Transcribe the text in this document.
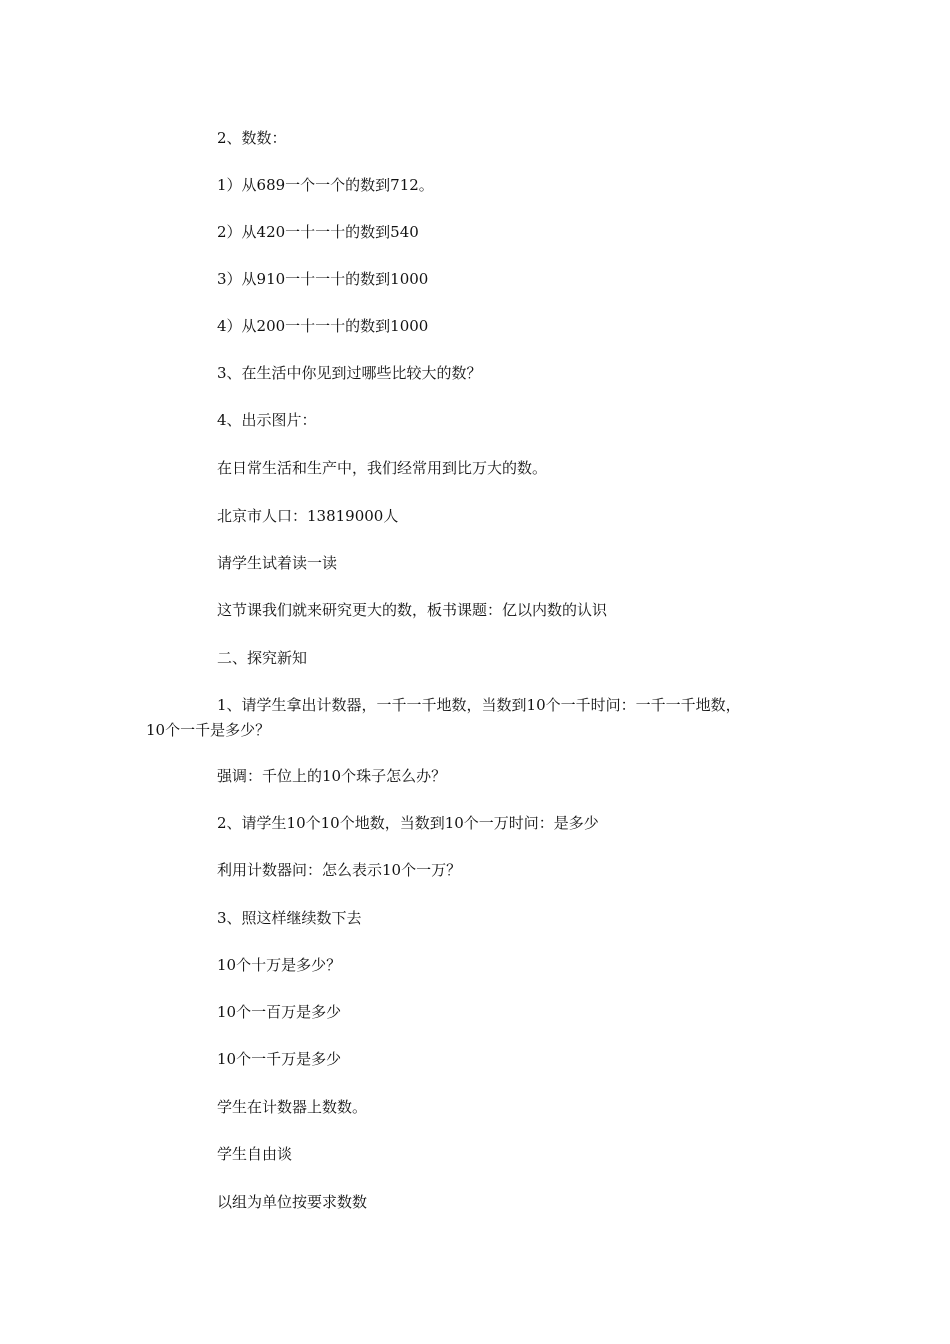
2、数数：
1）从689一个一个的数到712。
2）从420一十一十的数到540
3）从910一十一十的数到1000
4）从200一十一十的数到1000
3、在生活中你见到过哪些比较大的数？
4、出示图片：
在日常生活和生产中，我们经常用到比万大的数。
北京市人口：13819000人
请学生试着读一读
这节课我们就来研究更大的数，板书课题：亿以内数的认识
二、探究新知
1、请学生拿出计数器，一千一千地数，当数到10个一千时问：一千一千地数，
10个一千是多少？
强调：千位上的10个珠子怎么办？
2、请学生10个10个地数，当数到10个一万时问：是多少
利用计数器问：怎么表示10个一万？
3、照这样继续数下去
10个十万是多少？
10个一百万是多少
10个一千万是多少
学生在计数器上数数。
学生自由谈
以组为单位按要求数数
